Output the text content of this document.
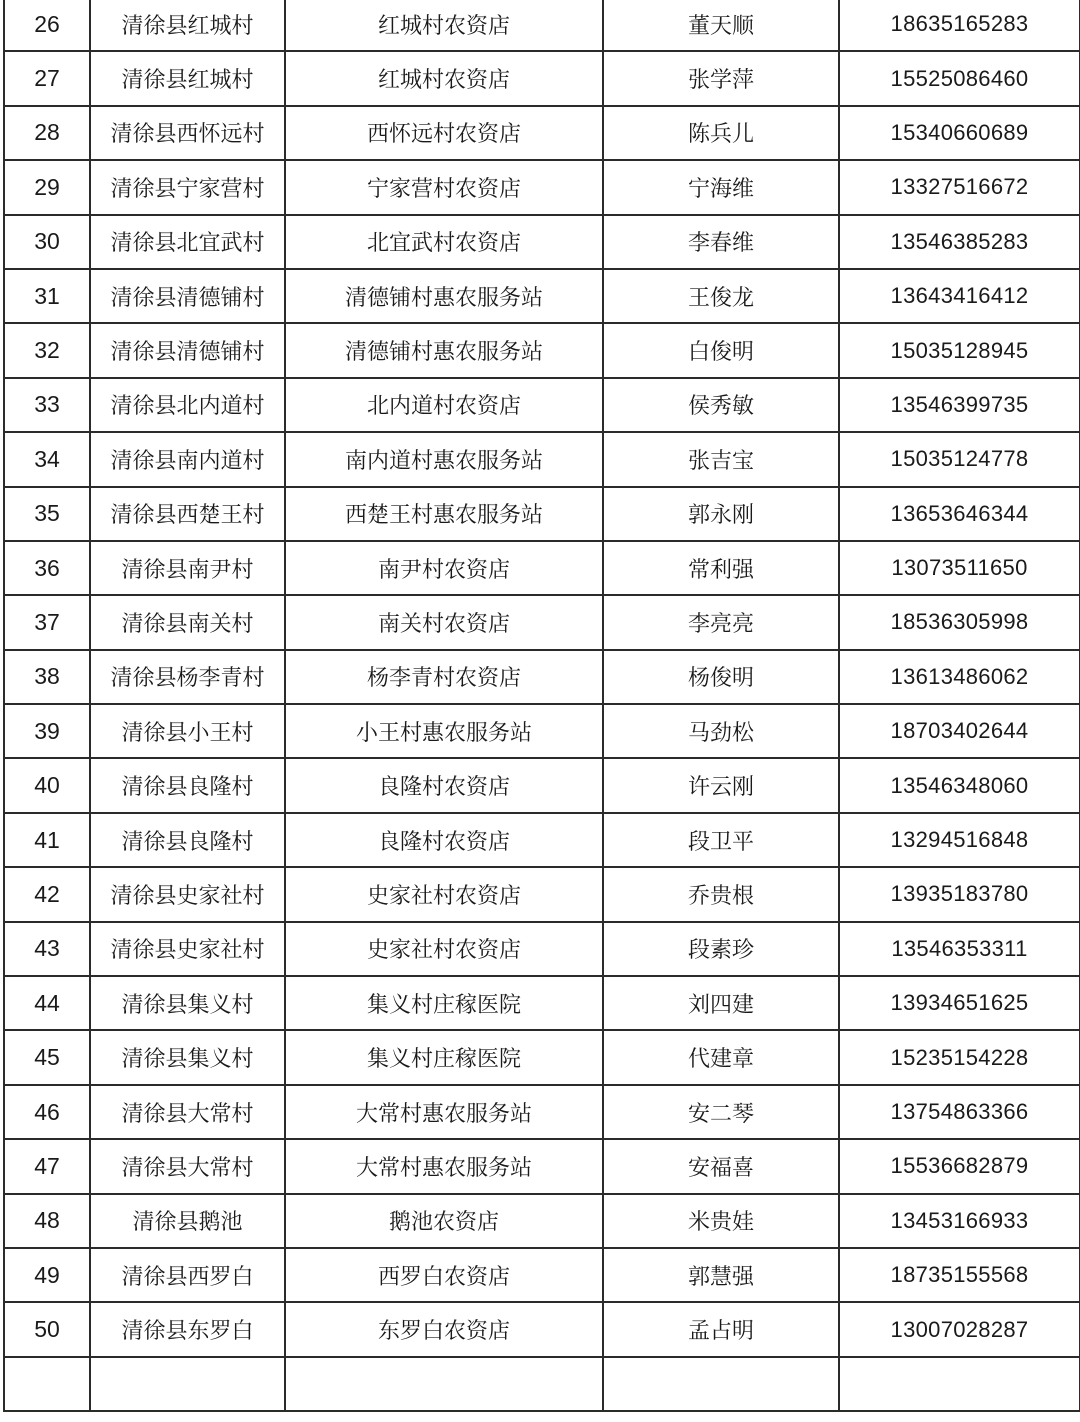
26	清徐县红城村	红城村农资店	董天顺	18635165283
27	清徐县红城村	红城村农资店	张学萍	15525086460
28	清徐县西怀远村	西怀远村农资店	陈兵儿	15340660689
29	清徐县宁家营村	宁家营村农资店	宁海维	13327516672
30	清徐县北宜武村	北宜武村农资店	李春维	13546385283
31	清徐县清德铺村	清德铺村惠农服务站	王俊龙	13643416412
32	清徐县清德铺村	清德铺村惠农服务站	白俊明	15035128945
33	清徐县北内道村	北内道村农资店	侯秀敏	13546399735
34	清徐县南内道村	南内道村惠农服务站	张吉宝	15035124778
35	清徐县西楚王村	西楚王村惠农服务站	郭永刚	13653646344
36	清徐县南尹村	南尹村农资店	常利强	13073511650
37	清徐县南关村	南关村农资店	李亮亮	18536305998
38	清徐县杨李青村	杨李青村农资店	杨俊明	13613486062
39	清徐县小王村	小王村惠农服务站	马劲松	18703402644
40	清徐县良隆村	良隆村农资店	许云刚	13546348060
41	清徐县良隆村	良隆村农资店	段卫平	13294516848
42	清徐县史家社村	史家社村农资店	乔贵根	13935183780
43	清徐县史家社村	史家社村农资店	段素珍	13546353311
44	清徐县集义村	集义村庄稼医院	刘四建	13934651625
45	清徐县集义村	集义村庄稼医院	代建章	15235154228
46	清徐县大常村	大常村惠农服务站	安二琴	13754863366
47	清徐县大常村	大常村惠农服务站	安福喜	15536682879
48	清徐县鹅池	鹅池农资店	米贵娃	13453166933
49	清徐县西罗白	西罗白农资店	郭慧强	18735155568
50	清徐县东罗白	东罗白农资店	孟占明	13007028287
